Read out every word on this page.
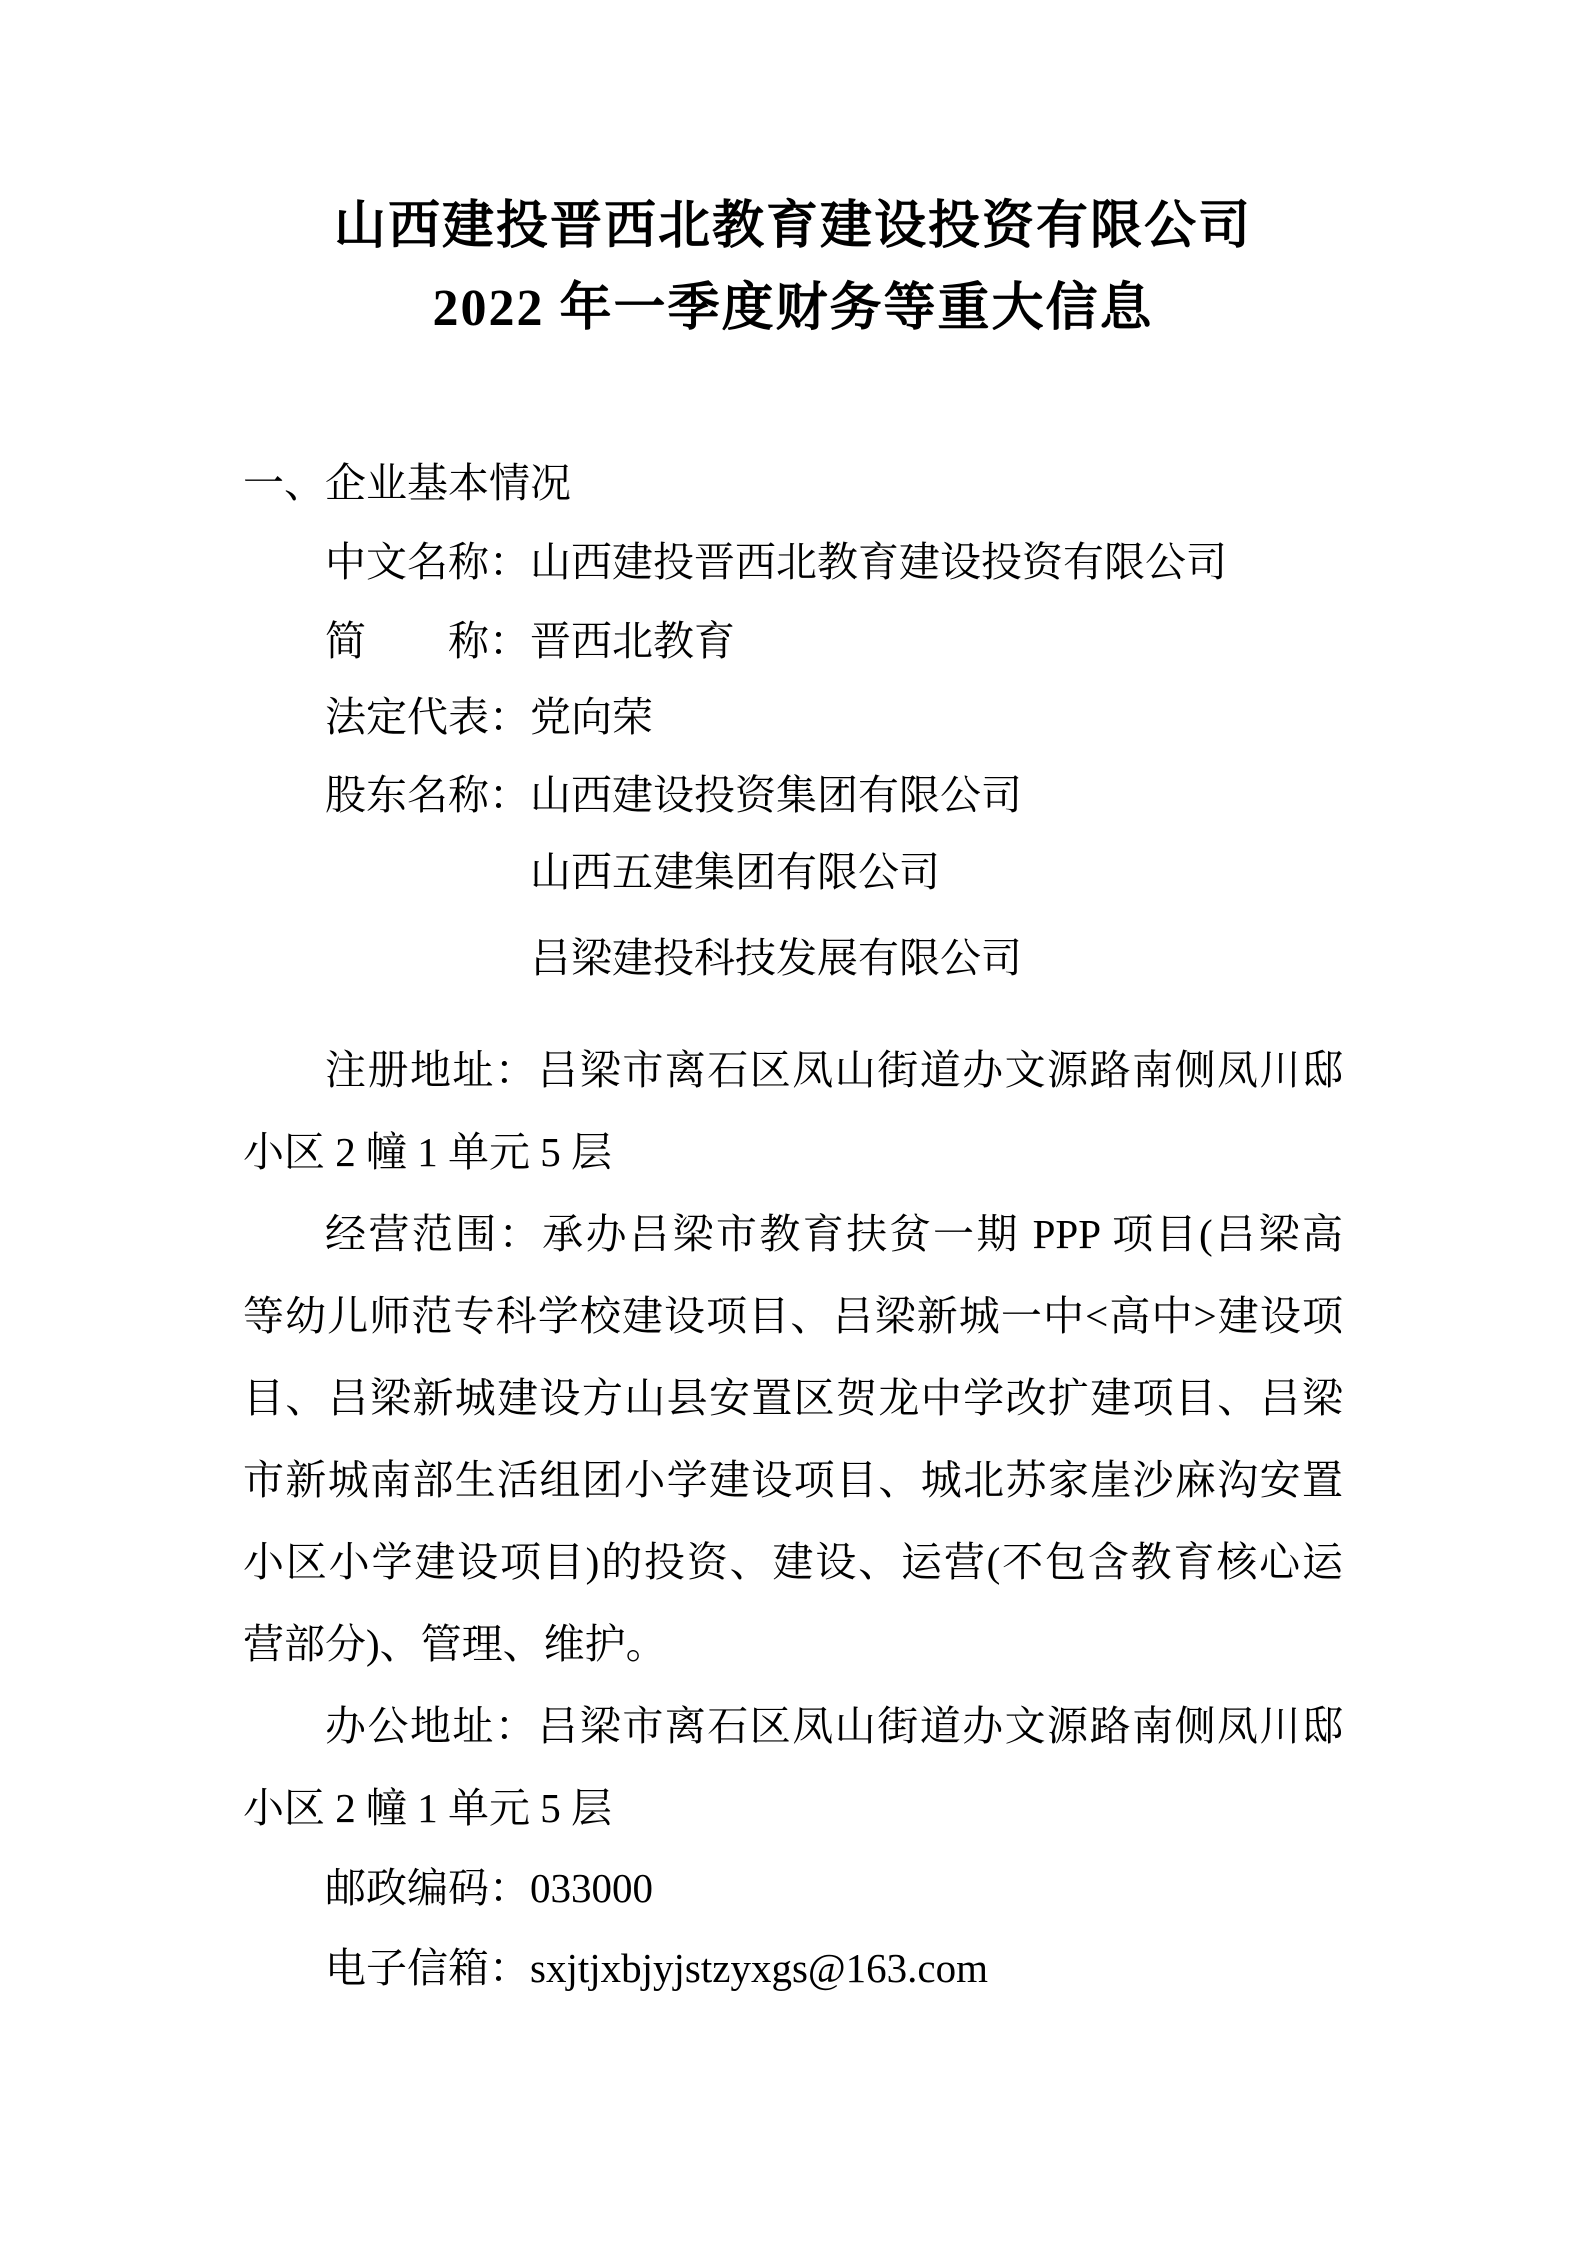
山西建投晋西北教育建设投资有限公司
2022 年一季度财务等重大信息
一、企业基本情况
中文名称：山西建投晋西北教育建设投资有限公司
简　　称：晋西北教育
法定代表：党向荣
股东名称：山西建设投资集团有限公司
山西五建集团有限公司
吕梁建投科技发展有限公司
注册地址：吕梁市离石区凤山街道办文源路南侧凤川邸
小区 2 幢 1 单元 5 层
经营范围：承办吕梁市教育扶贫一期 PPP 项目(吕梁高
等幼儿师范专科学校建设项目、吕梁新城一中<高中>建设项
目、吕梁新城建设方山县安置区贺龙中学改扩建项目、吕梁
市新城南部生活组团小学建设项目、城北苏家崖沙麻沟安置
小区小学建设项目)的投资、建设、运营(不包含教育核心运
营部分)、管理、维护。
办公地址：吕梁市离石区凤山街道办文源路南侧凤川邸
小区 2 幢 1 单元 5 层
邮政编码：033000
电子信箱：sxjtjxbjyjstzyxgs@163.com
